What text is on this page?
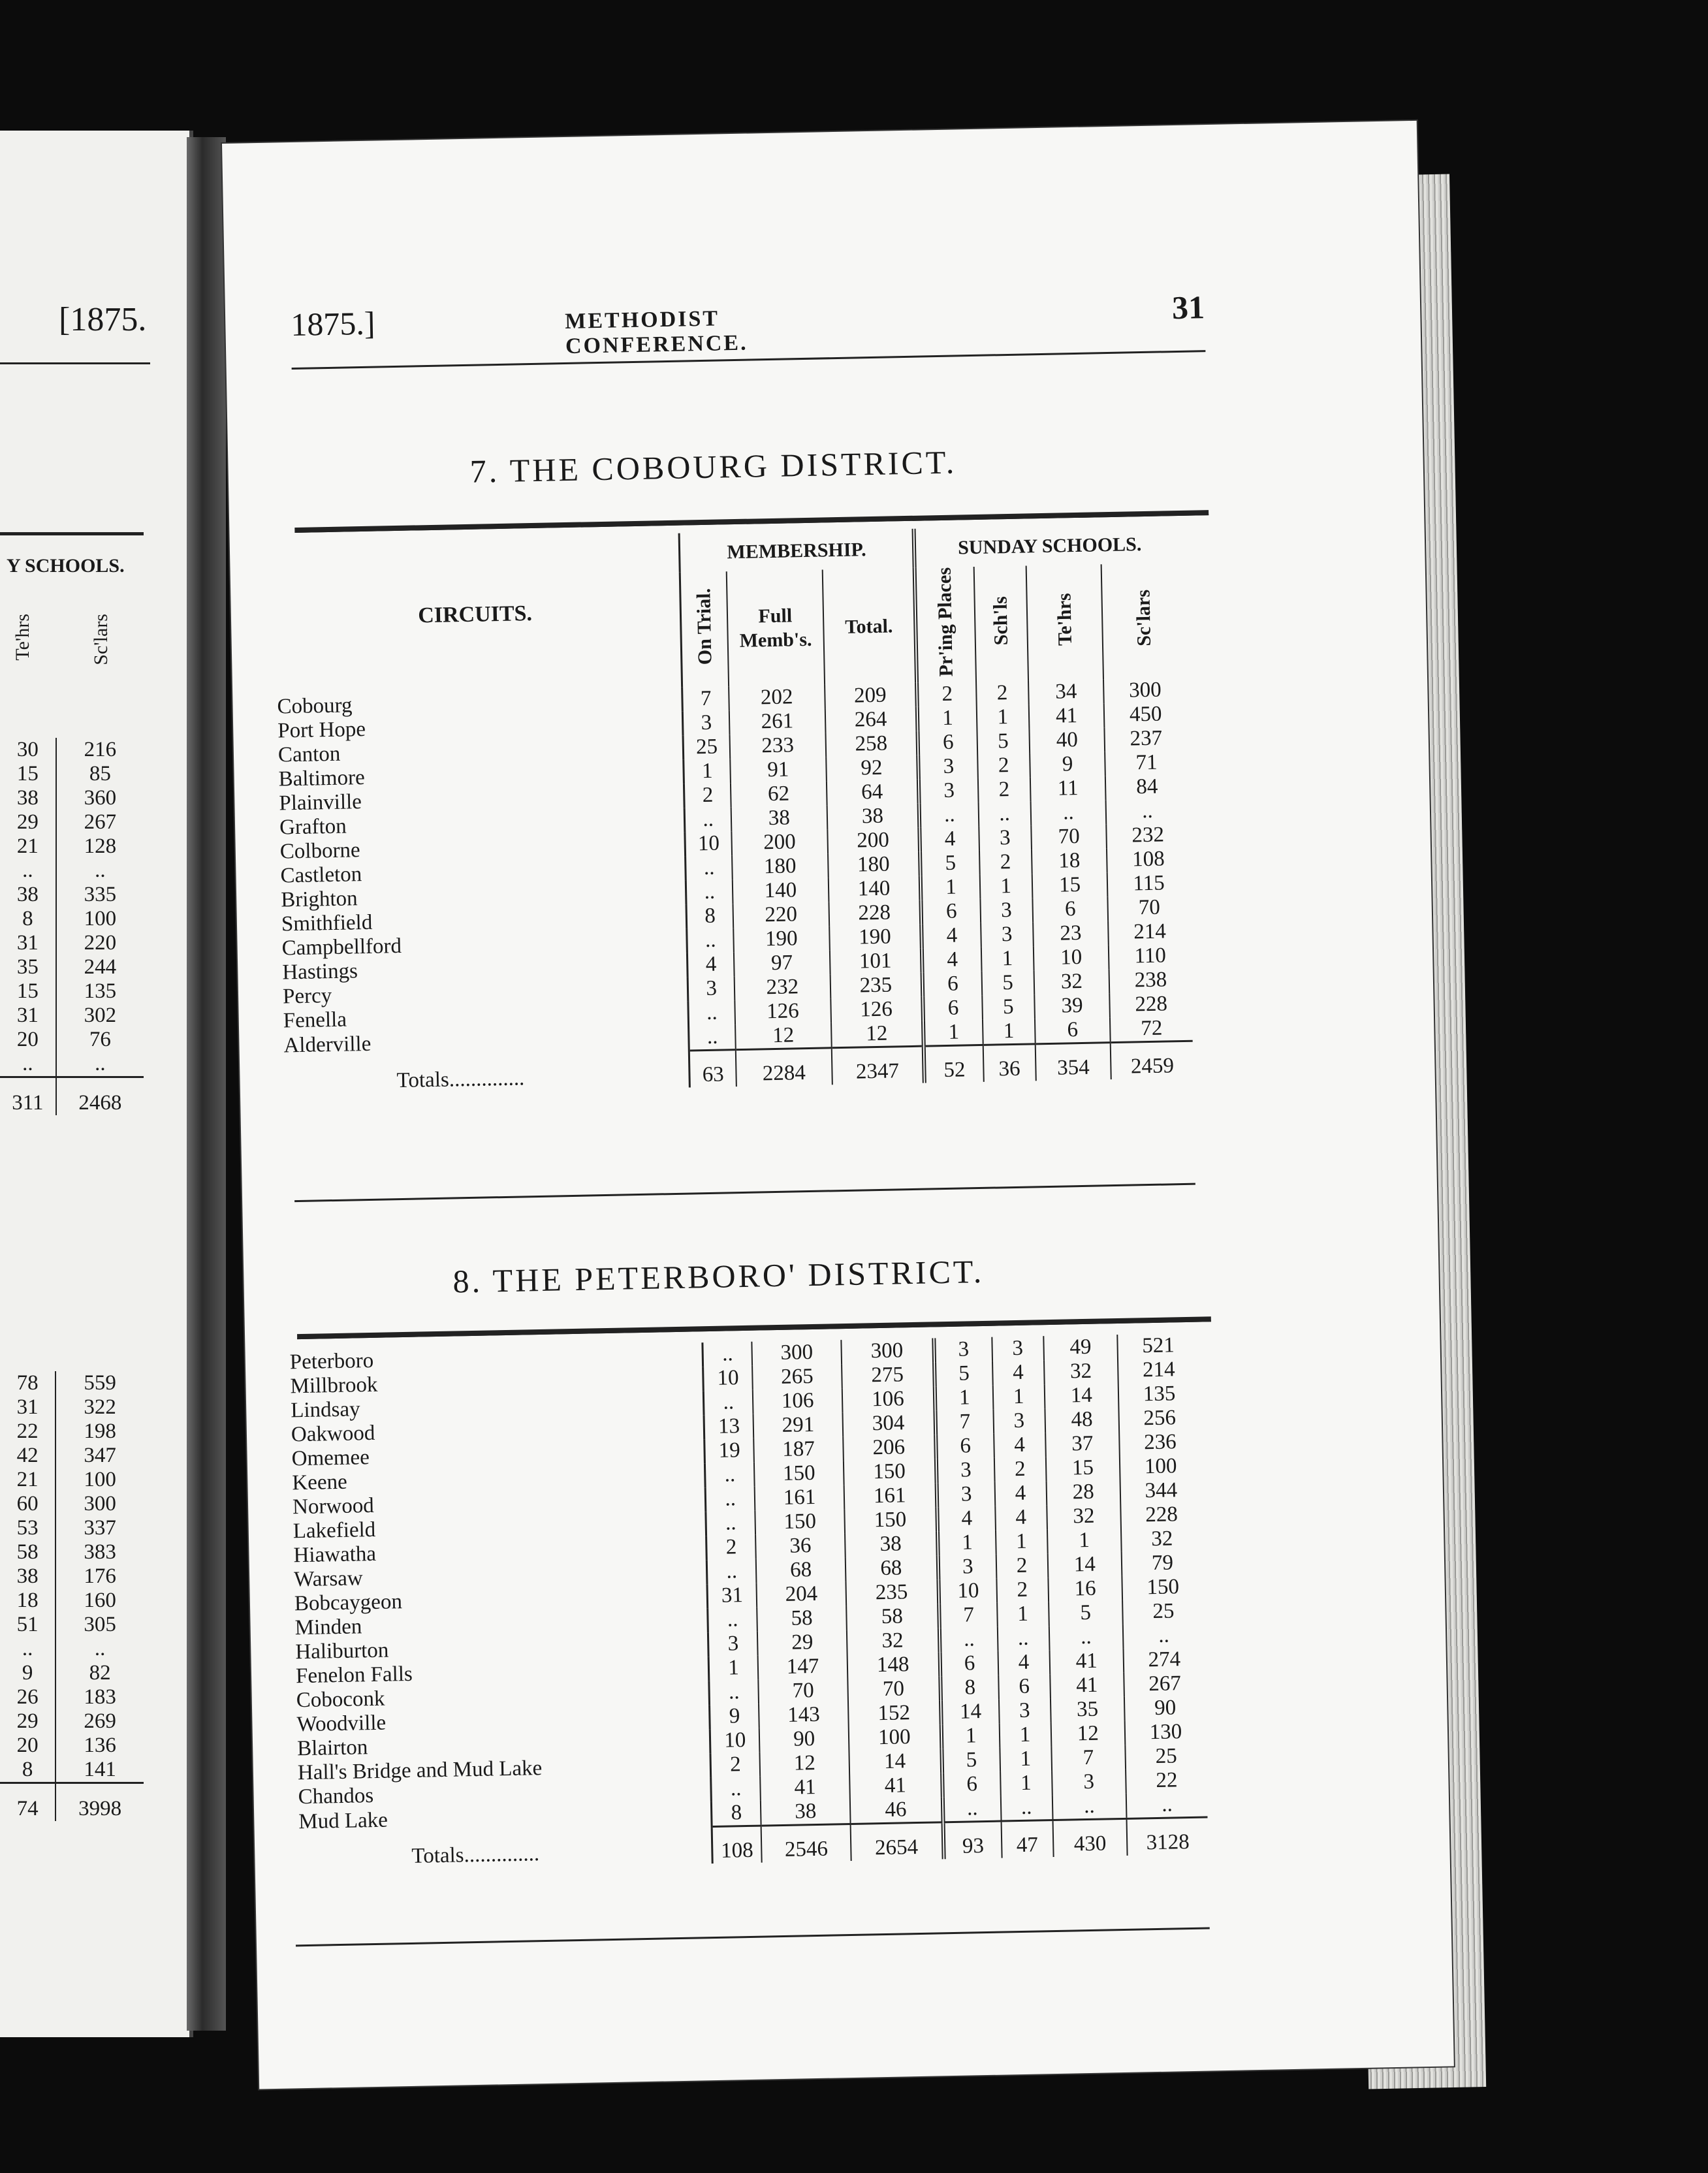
[1875.
Y SCHOOLS.
Te'hrs	Sc'lars
30	216
15	85
38	360
29	267
21	128
..	..
38	335
8	100
31	220
35	244
15	135
31	302
20	76
..	..
311	2468
78	559
31	322
22	198
42	347
21	100
60	300
53	337
58	383
38	176
18	160
51	305
..	..
9	82
26	183
29	269
20	136
8	141
74	3998
1875.]	METHODIST CONFERENCE.
31
7. THE COBOURG DISTRICT.
CIRCUITS.	MEMBERSHIP.			SUNDAY SCHOOLS.			
	On Trial.	Full Memb's.	Total.	Pr'ing Places	Sch'ls	Te'hrs	Sc'lars
Cobourg	7	202	209	2	2	34	300
Port Hope	3	261	264	1	1	41	450
Canton	25	233	258	6	5	40	237
Baltimore	1	91	92	3	2	9	71
Plainville	2	62	64	3	2	11	84
Grafton	..	38	38	..	..	..	..
Colborne	10	200	200	4	3	70	232
Castleton	..	180	180	5	2	18	108
Brighton	..	140	140	1	1	15	115
Smithfield	8	220	228	6	3	6	70
Campbellford	..	190	190	4	3	23	214
Hastings	4	97	101	4	1	10	110
Percy	3	232	235	6	5	32	238
Fenella	..	126	126	6	5	39	228
Alderville	..	12	12	1	1	6	72
Totals..............	63	2284	2347	52	36	354	2459
8. THE PETERBORO' DISTRICT.
Peterboro	..	300	300	3	3	49	521
Millbrook	10	265	275	5	4	32	214
Lindsay	..	106	106	1	1	14	135
Oakwood	13	291	304	7	3	48	256
Omemee	19	187	206	6	4	37	236
Keene	..	150	150	3	2	15	100
Norwood	..	161	161	3	4	28	344
Lakefield	..	150	150	4	4	32	228
Hiawatha	2	36	38	1	1	1	32
Warsaw	..	68	68	3	2	14	79
Bobcaygeon	31	204	235	10	2	16	150
Minden	..	58	58	7	1	5	25
Haliburton	3	29	32	..	..	..	..
Fenelon Falls	1	147	148	6	4	41	274
Coboconk	..	70	70	8	6	41	267
Woodville	9	143	152	14	3	35	90
Blairton	10	90	100	1	1	12	130
Hall's Bridge and Mud Lake	2	12	14	5	1	7	25
Chandos	..	41	41	6	1	3	22
Mud Lake	8	38	46	..	..	..	..
Totals..............	108	2546	2654	93	47	430	3128
